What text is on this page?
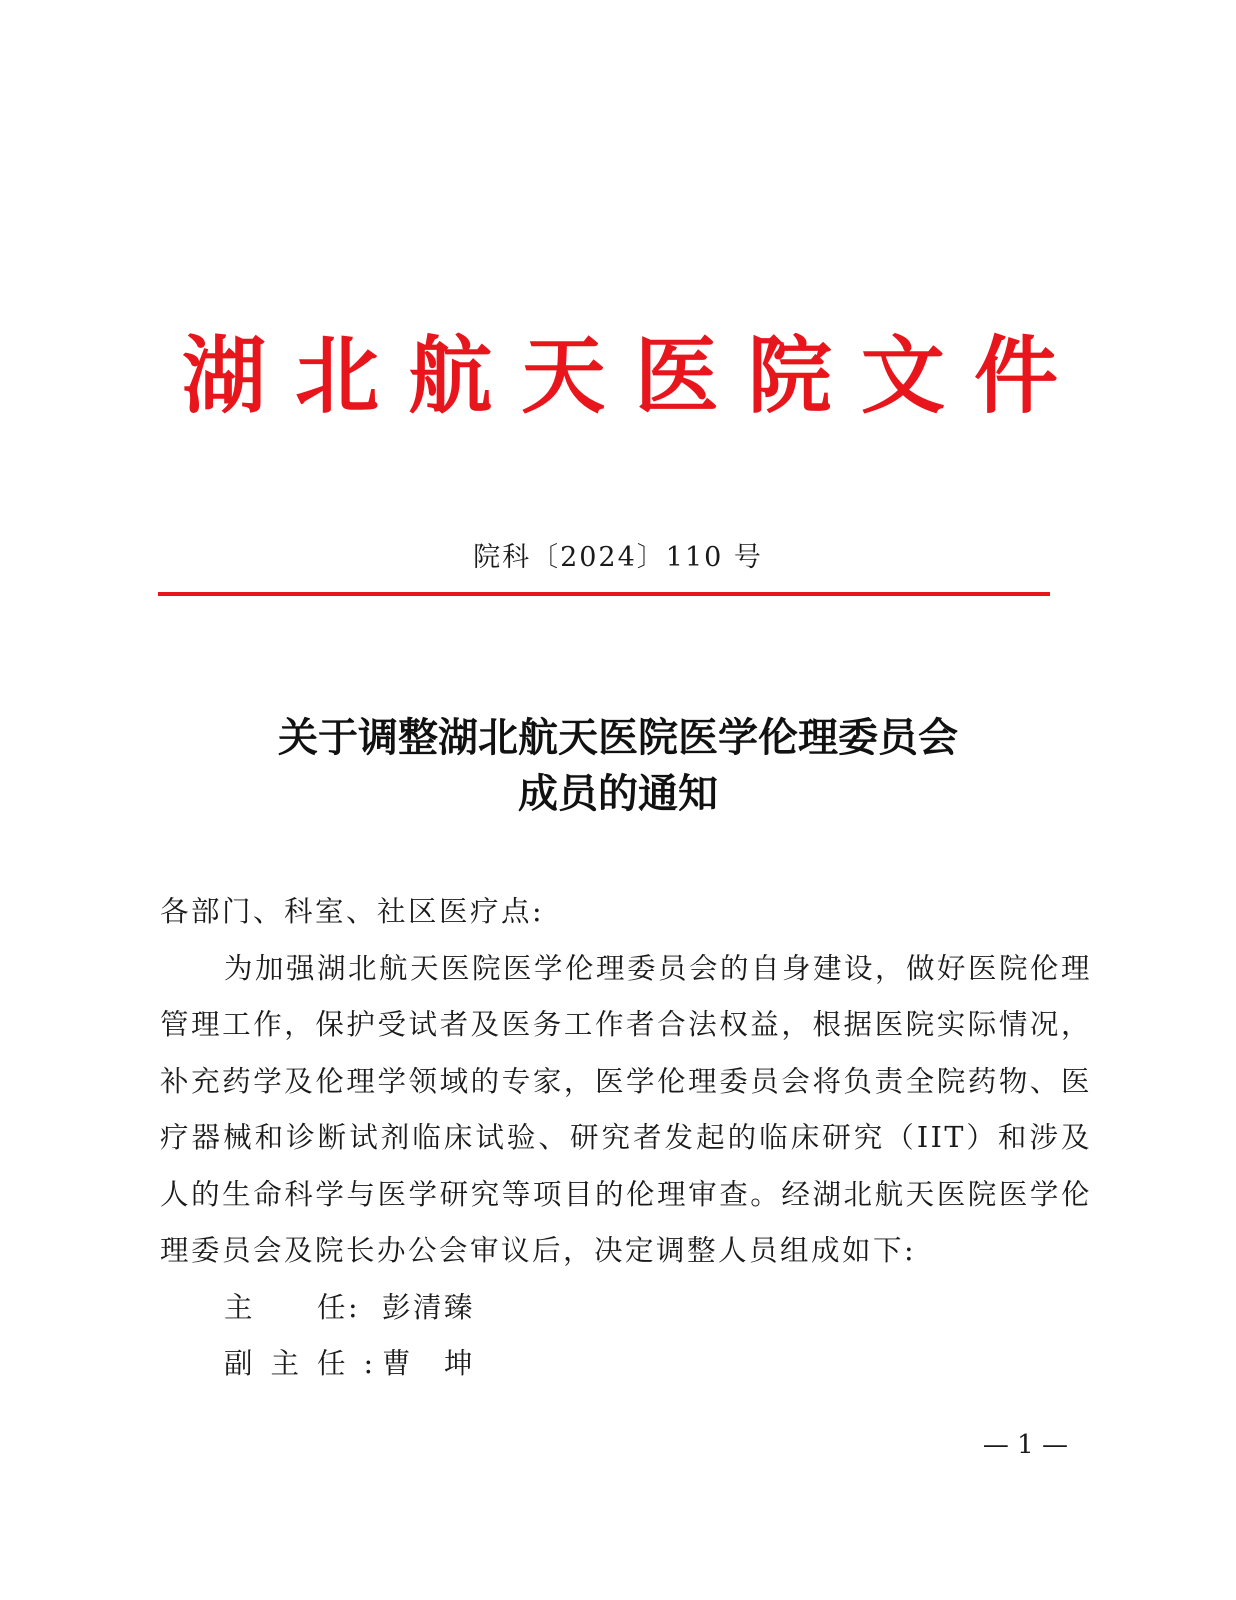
湖 北 航 天 医 院 文 件
院科〔2024〕110 号
关于调整湖北航天医院医学伦理委员会
成员的通知
各部门、科室、社区医疗点:

为加强湖北航天医院医学伦理委员会的自身建设，做好医院伦理管理工作，保护受试者及医务工作者合法权益，根据医院实际情况，补充药学及伦理学领域的专家，医学伦理委员会将负责全院药物、医疗器械和诊断试剂临床试验、研究者发起的临床研究（IIT）和涉及人的生命科学与医学研究等项目的伦理审查。经湖北航天医院医学伦理委员会及院长办公会审议后，决定调整人员组成如下:

主　　任: 彭清臻
副主任:曹　坤
— 1 —
